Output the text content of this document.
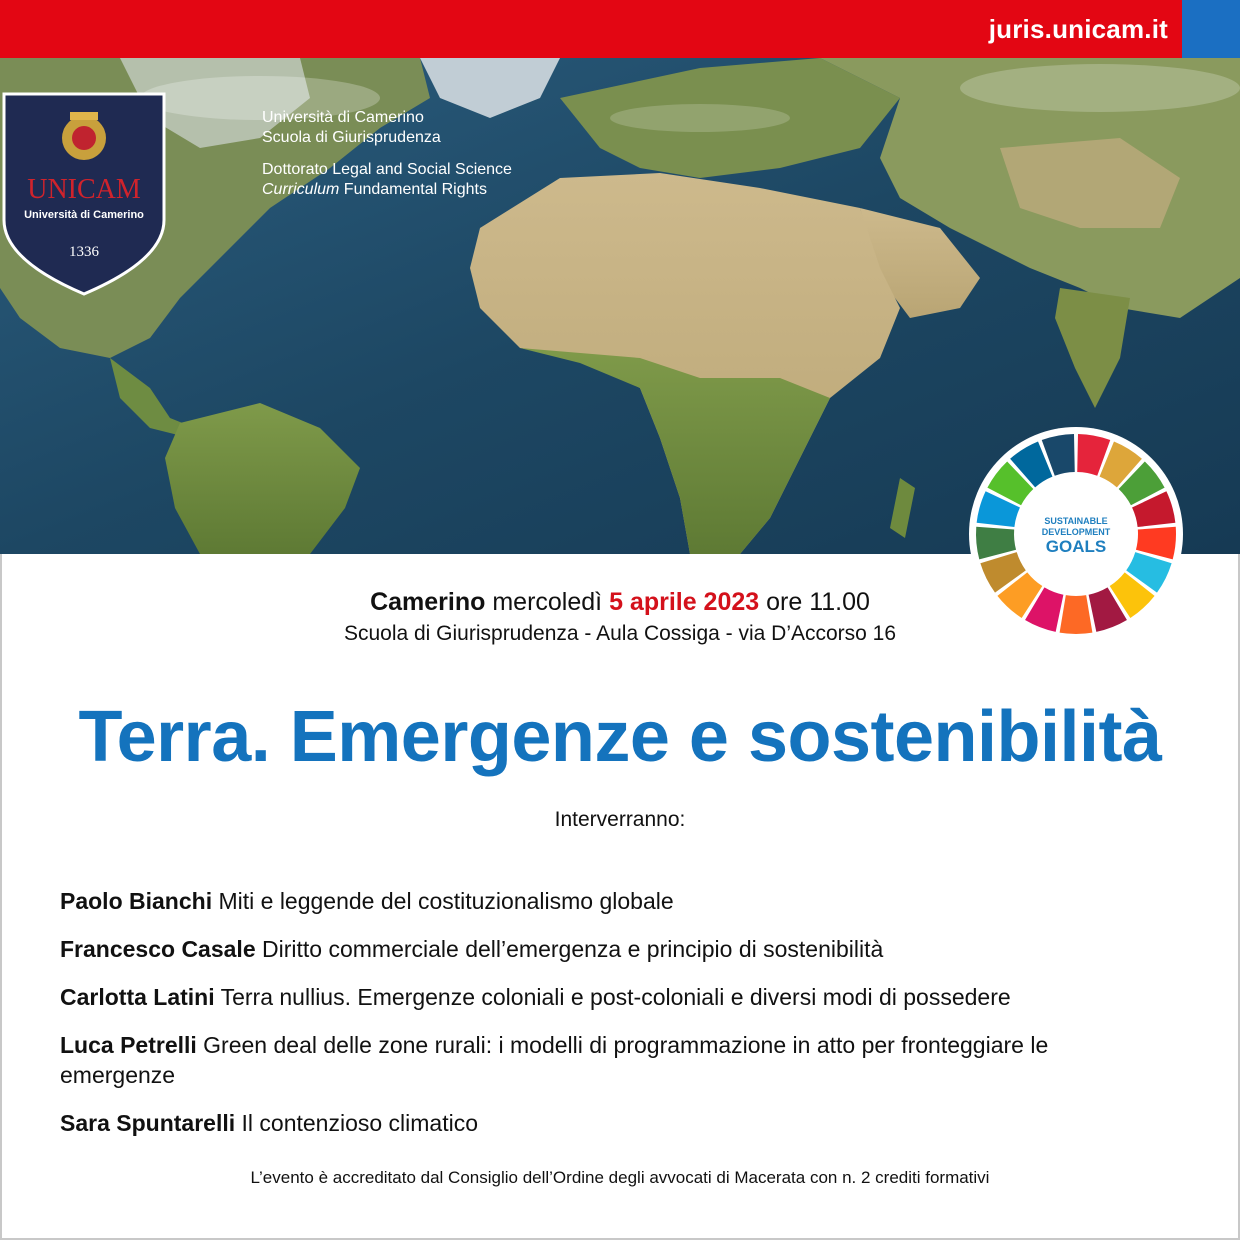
juris.unicam.it
UNICAM
Università di Camerino
1336
Università di Camerino
Scuola di Giurisprudenza
Dottorato Legal and Social Science
Curriculum Fundamental Rights
SUSTAINABLE
DEVELOPMENT
GOALS
Camerino mercoledì 5 aprile 2023 ore 11.00
Scuola di Giurisprudenza - Aula Cossiga - via D’Accorso 16
Terra. Emergenze e sostenibilità
Interverranno:
Paolo Bianchi Miti e leggende del costituzionalismo globale
Francesco Casale Diritto commerciale dell’emergenza e principio di sostenibilità
Carlotta Latini Terra nullius. Emergenze coloniali e post-coloniali e diversi modi di possedere
Luca Petrelli Green deal delle zone rurali: i modelli di programmazione in atto per fronteggiare le emergenze
Sara Spuntarelli Il contenzioso climatico
L’evento è accreditato dal Consiglio dell’Ordine degli avvocati di Macerata con n. 2 crediti formativi
